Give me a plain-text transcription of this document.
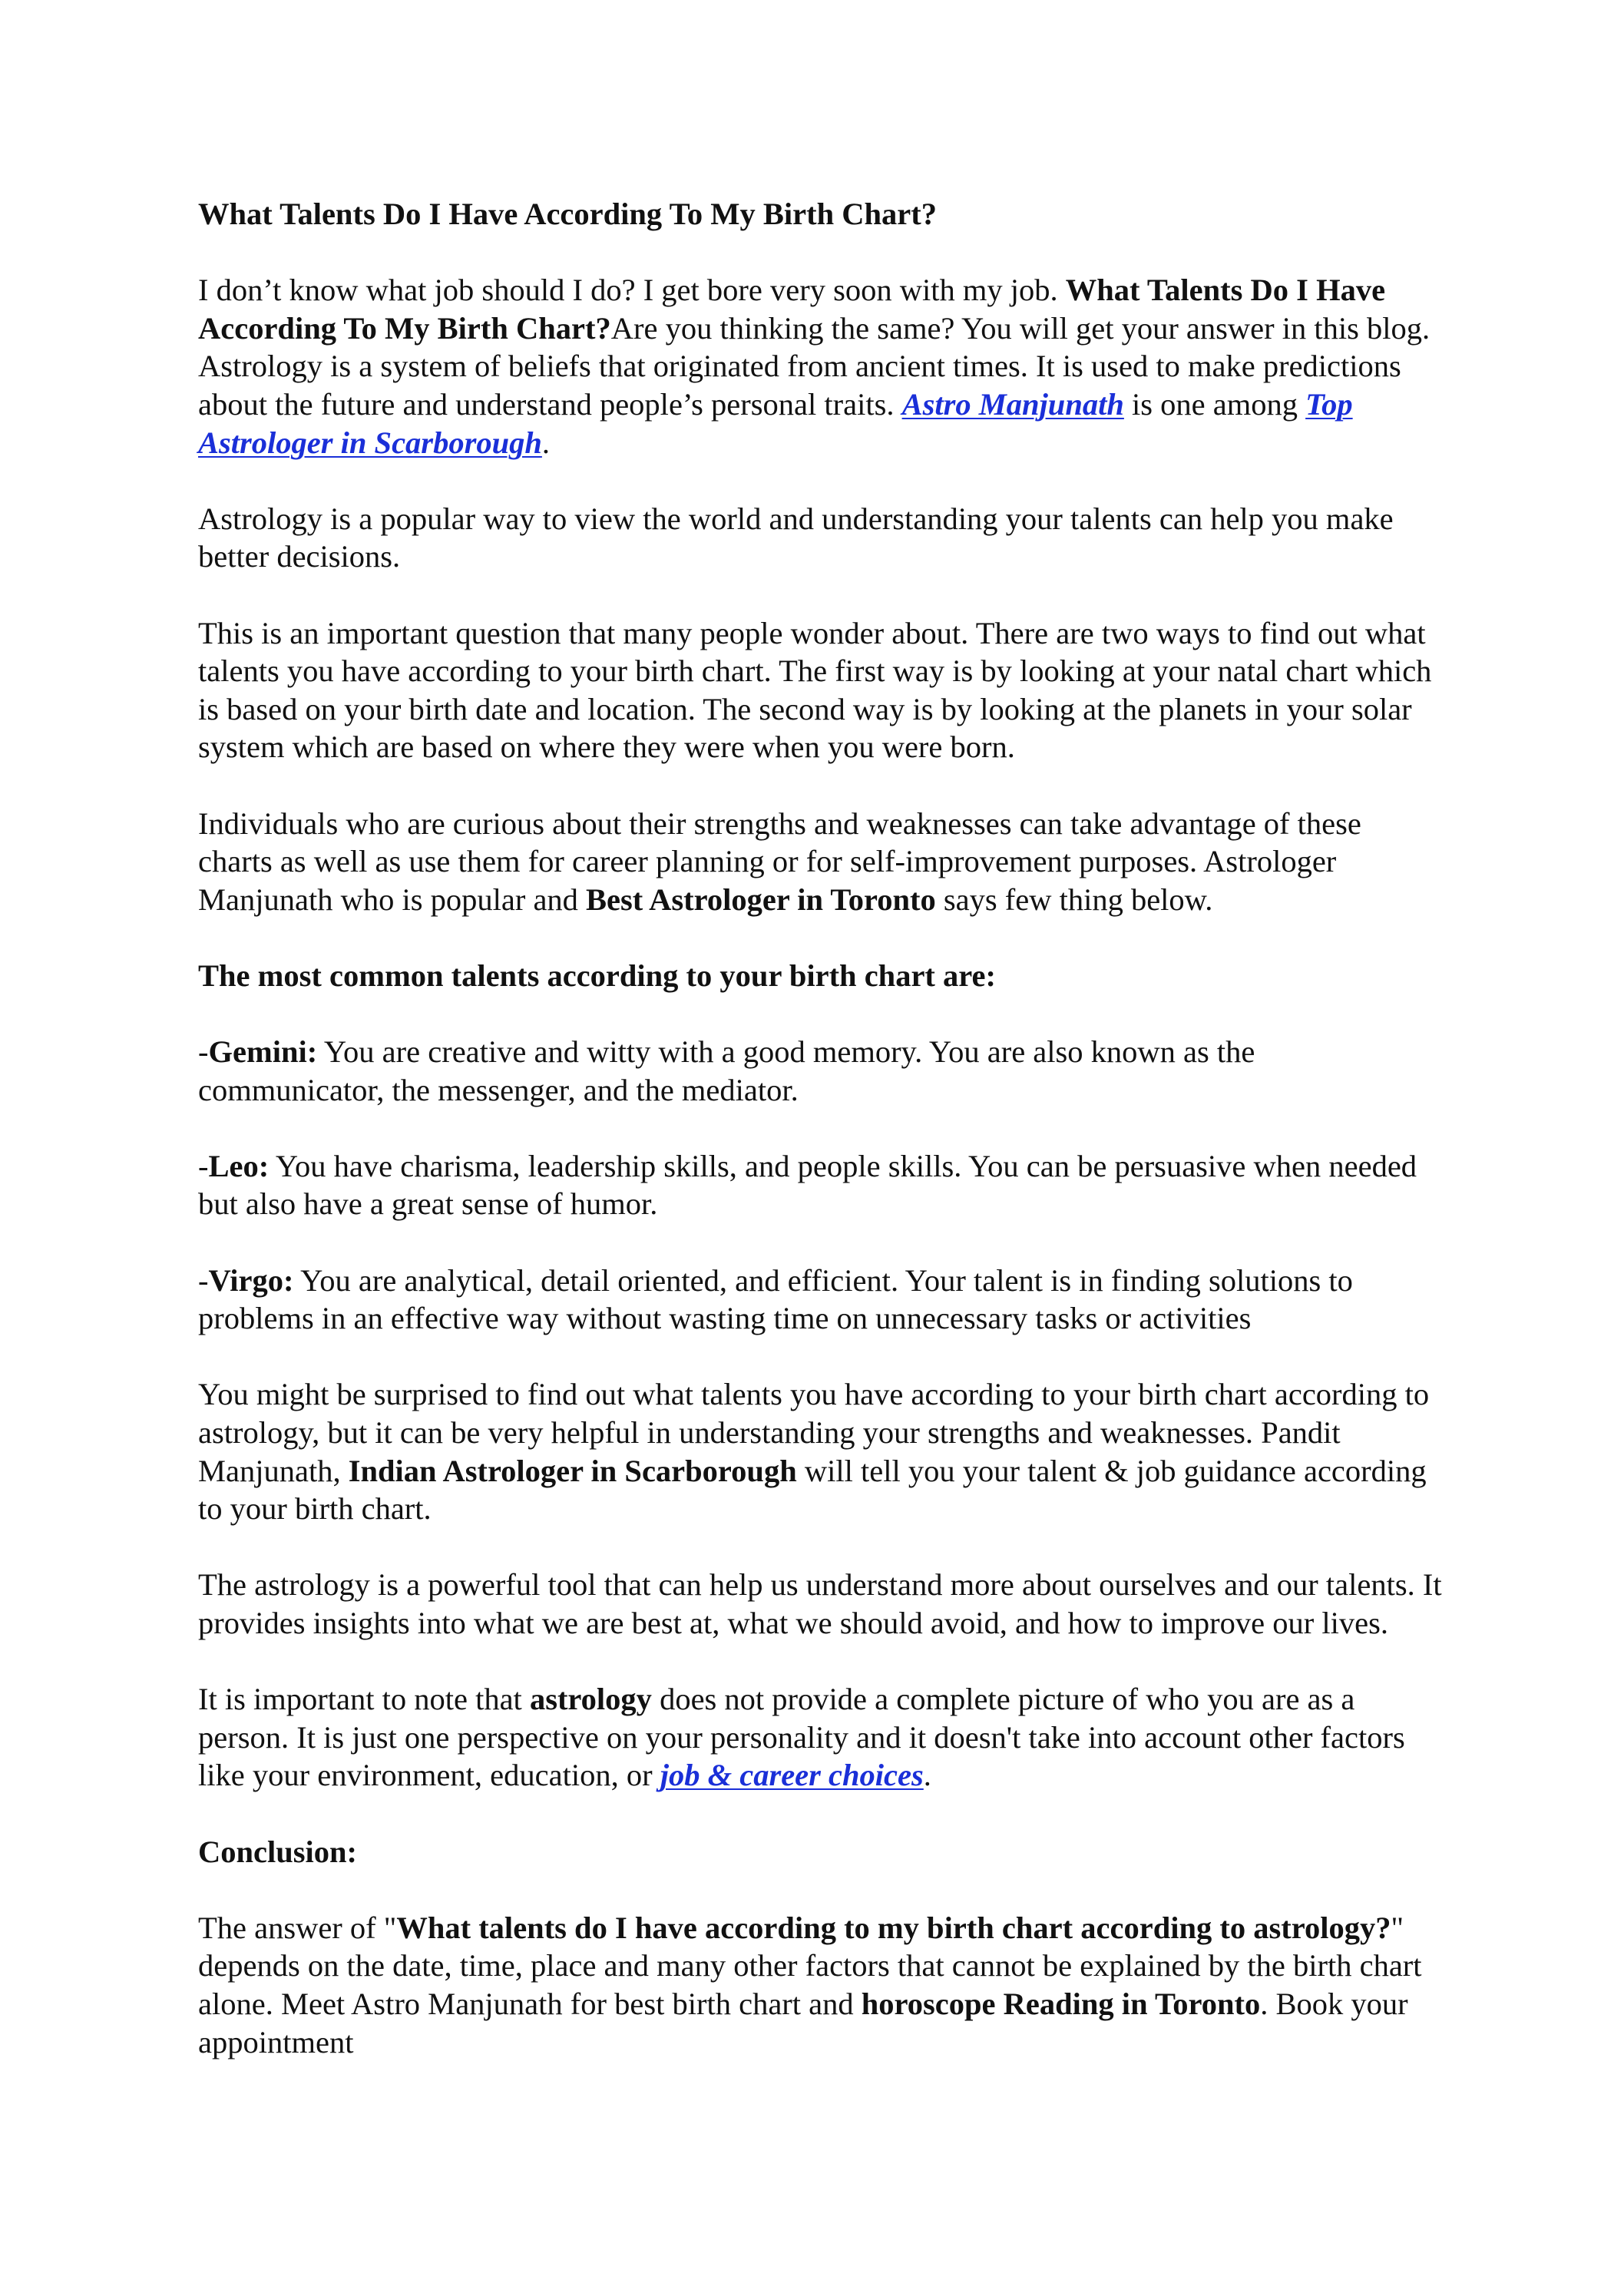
What Talents Do I Have According To My Birth Chart?

I don’t know what job should I do? I get bore very soon with my job. What Talents Do I Have According To My Birth Chart?Are you thinking the same? You will get your answer in this blog. Astrology is a system of beliefs that originated from ancient times. It is used to make predictions about the future and understand people’s personal traits. Astro Manjunath is one among Top Astrologer in Scarborough.

Astrology is a popular way to view the world and understanding your talents can help you make better decisions.

This is an important question that many people wonder about. There are two ways to find out what talents you have according to your birth chart. The first way is by looking at your natal chart which is based on your birth date and location. The second way is by looking at the planets in your solar system which are based on where they were when you were born.

Individuals who are curious about their strengths and weaknesses can take advantage of these charts as well as use them for career planning or for self-improvement purposes. Astrologer Manjunath who is popular and Best Astrologer in Toronto says few thing below.

The most common talents according to your birth chart are:

-Gemini: You are creative and witty with a good memory. You are also known as the communicator, the messenger, and the mediator.

-Leo: You have charisma, leadership skills, and people skills. You can be persuasive when needed but also have a great sense of humor.

-Virgo: You are analytical, detail oriented, and efficient. Your talent is in finding solutions to problems in an effective way without wasting time on unnecessary tasks or activities

You might be surprised to find out what talents you have according to your birth chart according to astrology, but it can be very helpful in understanding your strengths and weaknesses. Pandit Manjunath, Indian Astrologer in Scarborough will tell you your talent & job guidance according to your birth chart.

The astrology is a powerful tool that can help us understand more about ourselves and our talents. It provides insights into what we are best at, what we should avoid, and how to improve our lives.

It is important to note that astrology does not provide a complete picture of who you are as a person. It is just one perspective on your personality and it doesn't take into account other factors like your environment, education, or job & career choices.

Conclusion:

The answer of "What talents do I have according to my birth chart according to astrology?" depends on the date, time, place and many other factors that cannot be explained by the birth chart alone. Meet Astro Manjunath for best birth chart and horoscope Reading in Toronto. Book your appointment
